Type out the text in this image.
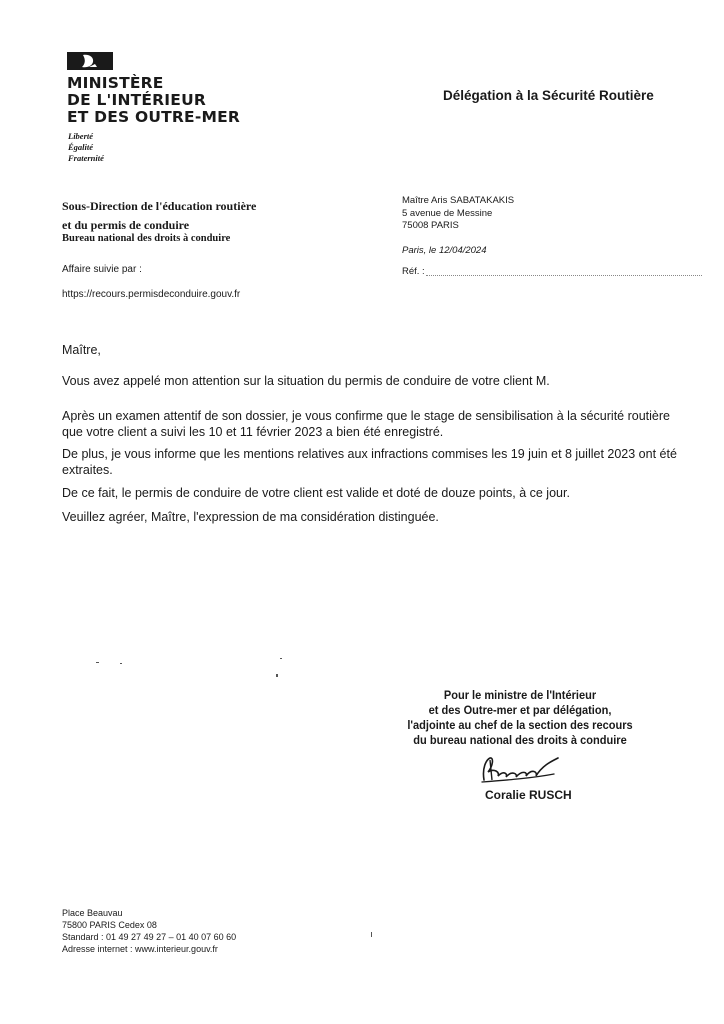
MINISTÈRE
DE L'INTÉRIEUR
ET DES OUTRE-MER
Liberté
Égalité
Fraternité
Délégation à la Sécurité Routière
Sous-Direction de l'éducation routière
et du permis de conduire
Bureau national des droits à conduire
Affaire suivie par :
https://recours.permisdeconduire.gouv.fr
Maître Aris SABATAKAKIS
5 avenue de Messine
75008 PARIS
Paris, le 12/04/2024
Réf. :
Maître,
Vous avez appelé mon attention sur la situation du permis de conduire de votre client M.
Après un examen attentif de son dossier, je vous confirme que le stage de sensibilisation à la sécurité routière que votre client a suivi les 10 et 11 février 2023 a bien été enregistré.
De plus, je vous informe que les mentions relatives aux infractions commises les 19 juin et 8 juillet 2023 ont été extraites.
De ce fait, le permis de conduire de votre client est valide et doté de douze points, à ce jour.
Veuillez agréer, Maître, l'expression de ma considération distinguée.
Pour le ministre de l'Intérieur
et des Outre-mer et par délégation,
l'adjointe au chef de la section des recours
du bureau national des droits à conduire
Coralie RUSCH
Place Beauvau
75800 PARIS Cedex 08
Standard : 01 49 27 49 27 – 01 40 07 60 60
Adresse internet : www.interieur.gouv.fr
